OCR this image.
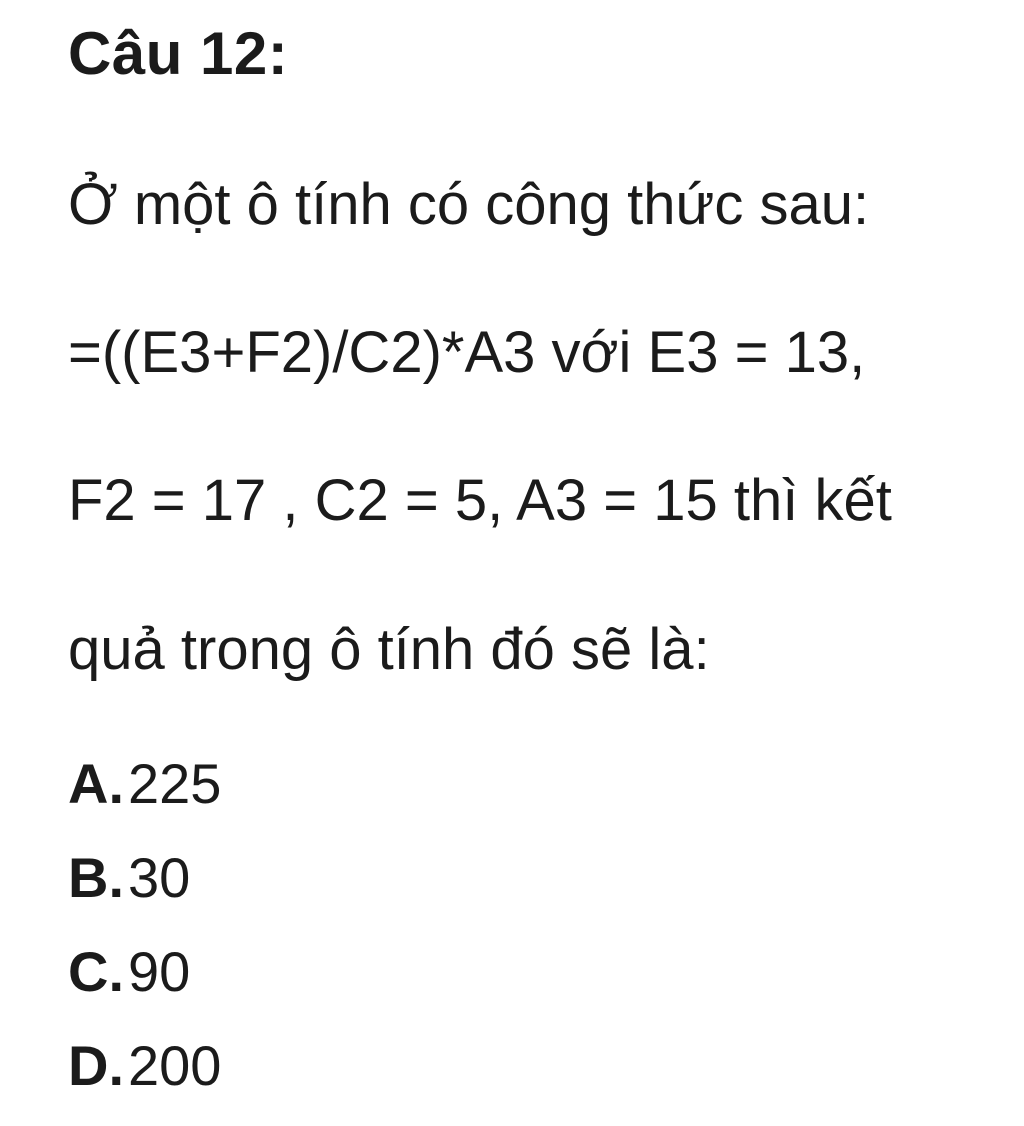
Câu 12:
Ở một ô tính có công thức sau:
=((E3+F2)/C2)*A3 với E3 = 13,
F2 = 17 , C2 = 5, A3 = 15 thì kết
quả trong ô tính đó sẽ là:
A.225
B.30
C.90
D.200
